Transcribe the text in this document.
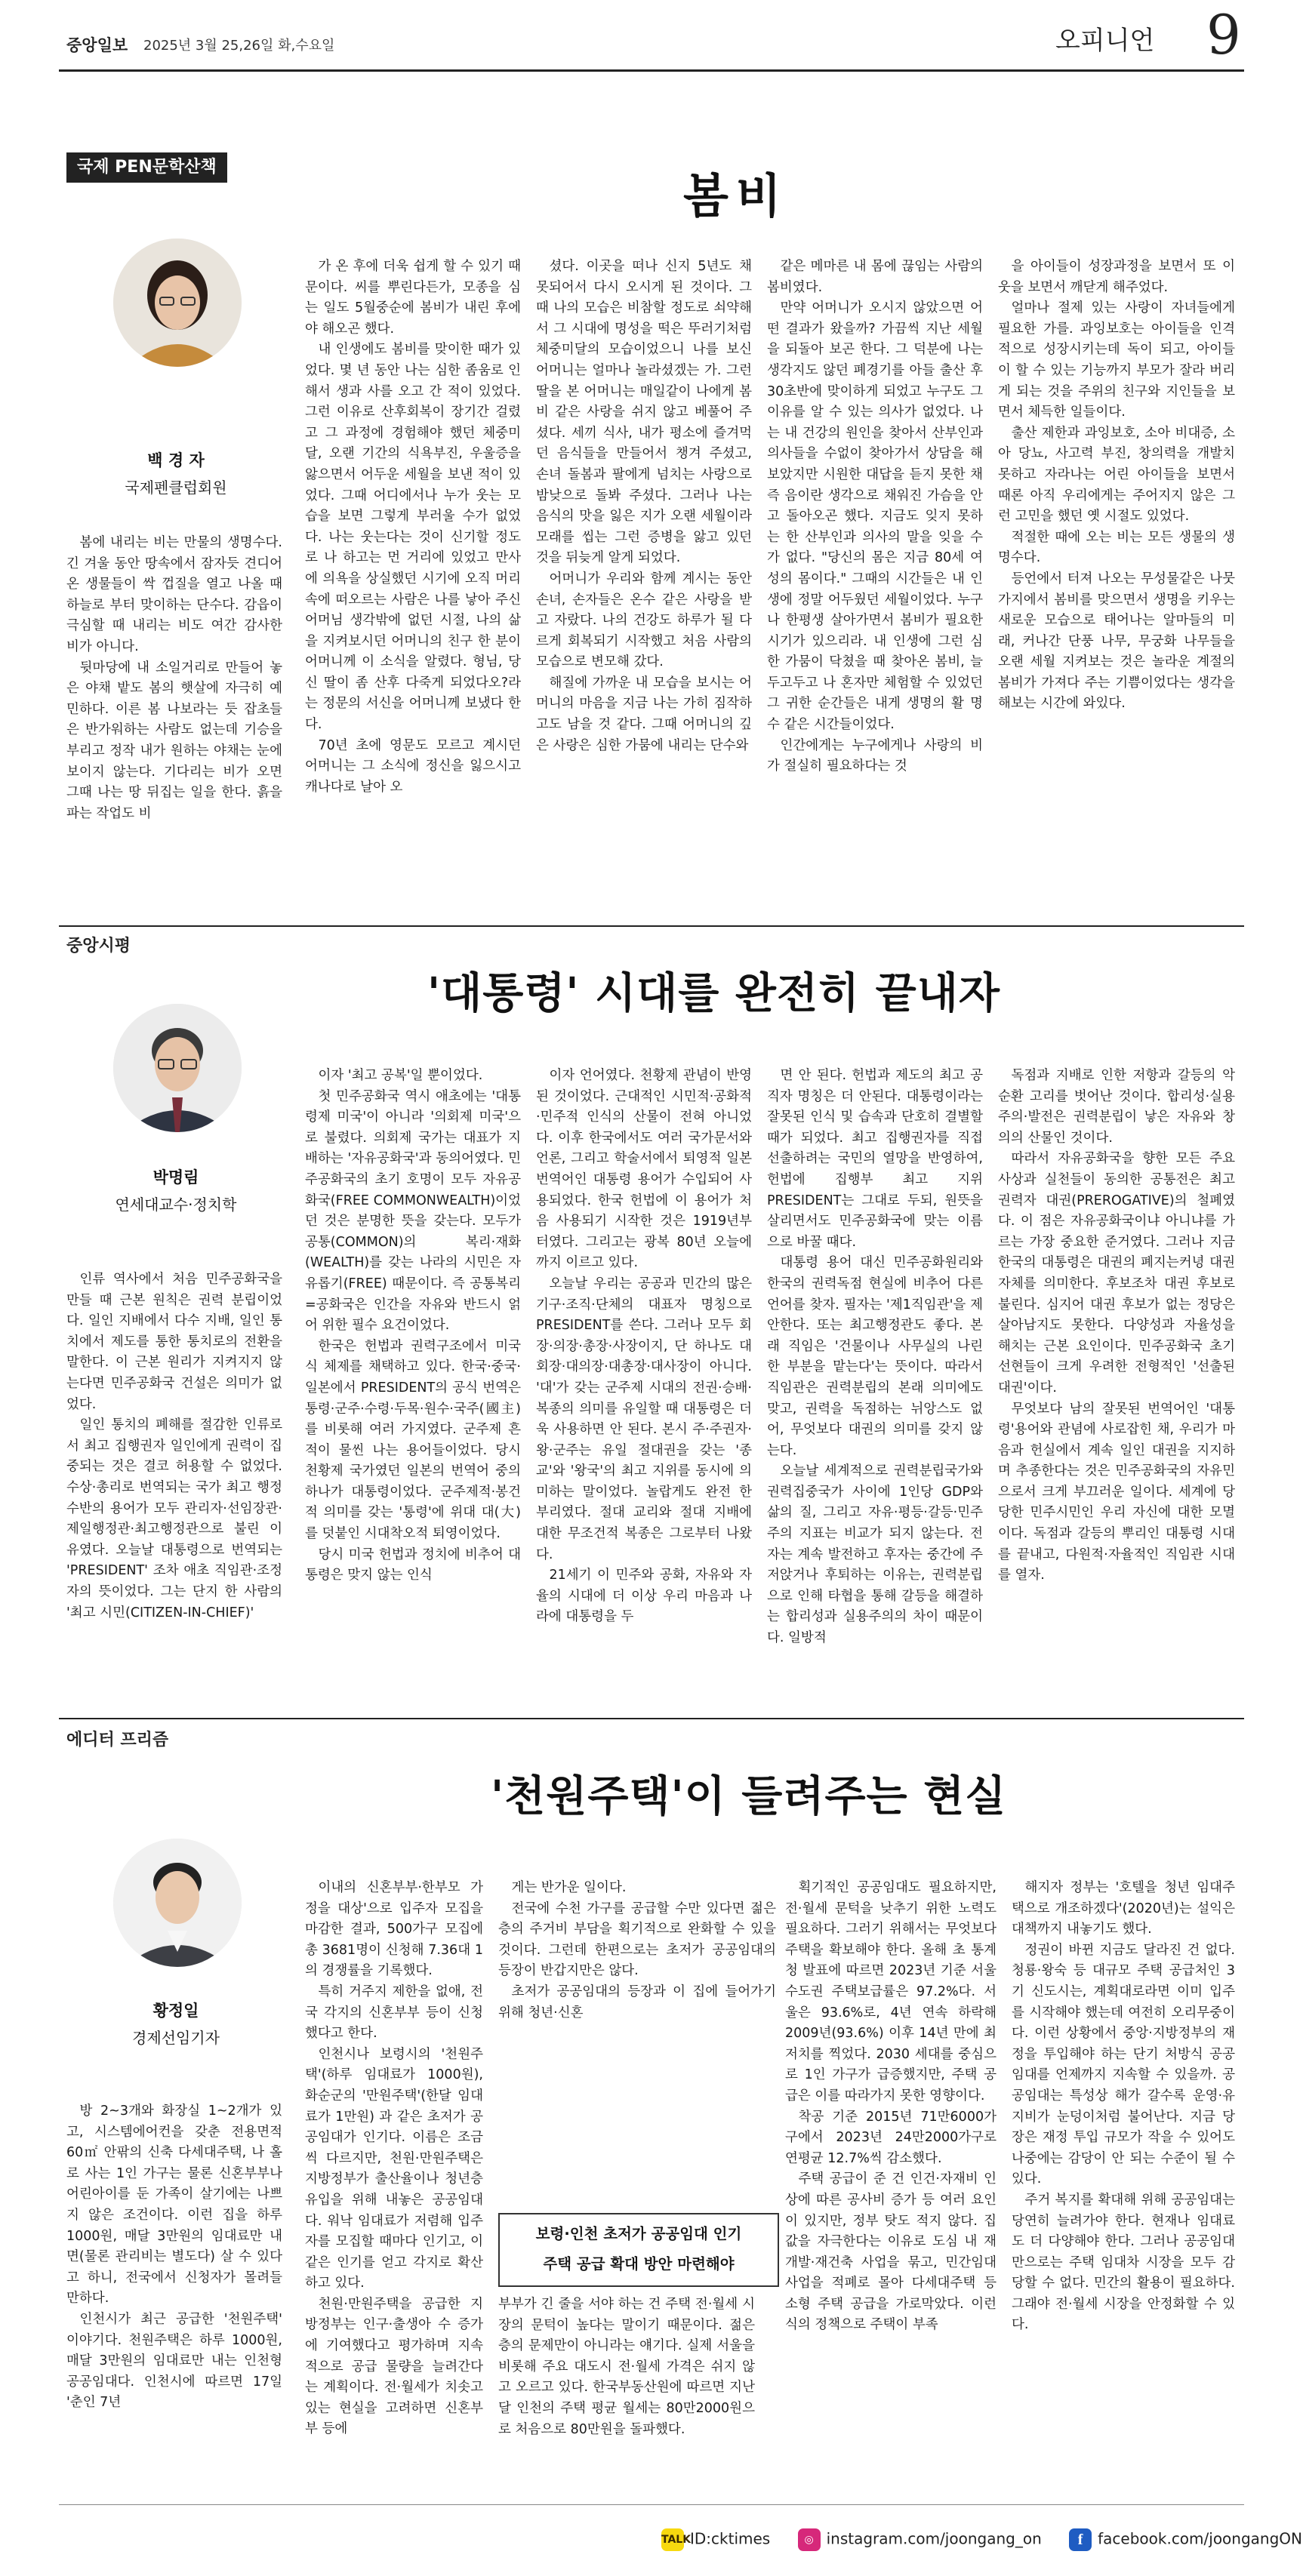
중앙일보 2025년 3월 25,26일 화,수요일	오피니언 9
국제 PEN문학산책
봄비
백 경 자
국제펜클럽회원

봄에 내리는 비는 만물의 생명수다. 긴 겨울 동안 땅속에서 잠자듯 견디어 온 생물들이 싹 껍질을 열고 나올 때 하늘로 부터 맞이하는 단수다. 감읍이 극심할 때 내리는 비도 여간 감사한 비가 아니다.

뒷마당에 내 소일거리로 만들어 놓은 야채 밭도 봄의 햇살에 자극히 예민하다. 이른 봄 나보라는 듯 잡초들은 반가워하는 사람도 없는데 기승을 부리고 정작 내가 원하는 야채는 눈에 보이지 않는다. 기다리는 비가 오면 그때 나는 땅 뒤집는 일을 한다. 흙을 파는 작업도 비

가 온 후에 더욱 쉽게 할 수 있기 때문이다. 씨를 뿌린다든가, 모종을 심는 일도 5월중순에 봄비가 내린 후에야 해오곤 했다.

내 인생에도 봄비를 맞이한 때가 있었다. 몇 년 동안 나는 심한 좀움로 인해서 생과 사를 오고 간 적이 있었다. 그런 이유로 산후회복이 장기간 걸렸고 그 과정에 경험해야 했던 체중미달, 오랜 기간의 식욕부진, 우울증을 앓으면서 어두운 세월을 보낸 적이 있었다. 그때 어디에서나 누가 웃는 모습을 보면 그렇게 부러울 수가 없었다. 나는 웃는다는 것이 신기할 정도로 나 하고는 먼 거리에 있었고 만사에 의욕을 상실했던 시기에 오직 머리속에 떠오르는 사람은 나를 낳아 주신 어머님 생각밖에 없던 시절, 나의 삶을 지켜보시던 어머니의 친구 한 분이 어머니께 이 소식을 알렸다. 형님, 당신 딸이 좀 산후 다죽게 되었다오?라는 정문의 서신을 어머니께 보냈다 한다.

70년 초에 영문도 모르고 계시던 어머니는 그 소식에 정신을 잃으시고 캐나다로 날아 오

셨다. 이곳을 떠나 신지 5년도 채 못되어서 다시 오시게 된 것이다. 그때 나의 모습은 비참할 정도로 쇠약해서 그 시대에 명성을 떡은 뚜러기처럼 체중미달의 모습이었으니 나를 보신 어머니는 얼마나 놀라셨겠는 가. 그런 딸을 본 어머니는 매일같이 나에게 봄비 같은 사랑을 쉬지 않고 베풀어 주셨다. 세끼 식사, 내가 평소에 즐겨먹던 음식들을 만들어서 챙겨 주셨고, 손녀 돌봄과 팔에게 넘치는 사랑으로 밤낮으로 돌봐 주셨다. 그러나 나는 음식의 맛을 잃은 지가 오랜 세월이라 모래를 씹는 그런 증병을 앓고 있던 것을 뒤늦게 알게 되었다.

어머니가 우리와 함께 계시는 동안 손녀, 손자들은 온수 같은 사랑을 받고 자랐다. 나의 건강도 하루가 될 다르게 회복되기 시작했고 처음 사람의 모습으로 변모해 갔다.

해질에 가까운 내 모습을 보시는 어머니의 마음을 지금 나는 가히 짐작하고도 남을 것 같다. 그때 어머니의 깊은 사랑은 심한 가뭄에 내리는 단수와

같은 메마른 내 몸에 끊임는 사람의 봄비였다.

만약 어머니가 오시지 않았으면 어떤 결과가 왔을까? 가끔씩 지난 세월을 되돌아 보곤 한다. 그 덕분에 나는 생각지도 않던 폐경기를 아들 출산 후 30초반에 맞이하게 되었고 누구도 그 이유를 알 수 있는 의사가 없었다. 나는 내 건강의 원인을 찾아서 산부인과 의사들을 수없이 찾아가서 상담을 해보았지만 시원한 대답을 듣지 못한 채 즉 음이란 생각으로 채워진 가슴을 안고 돌아오곤 했다. 지금도 잊지 못하는 한 산부인과 의사의 말을 잊을 수가 없다. "당신의 몸은 지금 80세 여성의 몸이다." 그때의 시간들은 내 인생에 정말 어두웠던 세월이었다. 누구나 한평생 살아가면서 봄비가 필요한 시기가 있으리라. 내 인생에 그런 심한 가뭄이 닥쳤을 때 찾아온 봄비, 늘 두고두고 나 혼자만 체험할 수 있었던 그 귀한 순간들은 내게 생명의 활 명수 같은 시간들이었다.

인간에게는 누구에게나 사랑의 비가 절실히 필요하다는 것

을 아이들이 성장과정을 보면서 또 이웃을 보면서 깨닫게 해주었다.

얼마나 절제 있는 사랑이 자녀들에게 필요한 가를. 과잉보호는 아이들을 인격적으로 성장시키는데 독이 되고, 아이들이 할 수 있는 기능까지 부모가 잘라 버리게 되는 것을 주위의 친구와 지인들을 보면서 체득한 일들이다.

출산 제한과 과잉보호, 소아 비대증, 소아 당뇨, 사고력 부진, 창의력을 개발치 못하고 자라나는 어린 아이들을 보면서 때론 아직 우리에게는 주어지지 않은 그런 고민을 했던 옛 시절도 있었다.

적절한 때에 오는 비는 모든 생물의 생명수다.

등언에서 터져 나오는 무성물같은 나뭇가지에서 봄비를 맞으면서 생명을 키우는 새로운 모습으로 태어나는 알마들의 미래, 커나간 단풍 나무, 무궁화 나무들을 오랜 세월 지켜보는 것은 놀라운 계절의 봄비가 가져다 주는 기쁨이었다는 생각을 해보는 시간에 와있다.

중앙시평
'대통령' 시대를 완전히 끝내자
박명림
연세대교수·정치학

인류 역사에서 처음 민주공화국을 만들 때 근본 원칙은 권력 분립이었다. 일인 지배에서 다수 지배, 일인 통치에서 제도를 통한 통치로의 전환을 말한다. 이 근본 원리가 지켜지지 않는다면 민주공화국 건설은 의미가 없었다.

일인 통치의 폐해를 절감한 인류로서 최고 집행권자 일인에게 권력이 집중되는 것은 결코 허용할 수 없었다. 수상·총리로 번역되는 국가 최고 행정수반의 용어가 모두 관리자·선임장관·제일행정관·최고행정관으로 불린 이유였다. 오늘날 대통령으로 번역되는 'PRESIDENT' 조차 애초 직임관·조정자의 뜻이었다. 그는 단지 한 사람의 '최고 시민(CITIZEN-IN-CHIEF)'

이자 '최고 공복'일 뿐이었다.

첫 민주공화국 역시 애초에는 '대통령제 미국'이 아니라 '의회제 미국'으로 불렸다. 의회제 국가는 대표가 지배하는 '자유공화국'과 동의어였다. 민주공화국의 초기 호명이 모두 자유공화국(FREE COMMONWEALTH)이었던 것은 분명한 뜻을 갖는다. 모두가 공통(COMMON)의 복리·재화(WEALTH)를 갖는 나라의 시민은 자유롭기(FREE) 때문이다. 즉 공통복리=공화국은 인간을 자유와 반드시 얽어 위한 필수 요건이었다.

한국은 헌법과 권력구조에서 미국식 체제를 채택하고 있다. 한국·중국·일본에서 PRESIDENT의 공식 번역은 통령·군주·수령·두목·원수·국주(國主)를 비롯해 여러 가지였다. 군주제 흔적이 물씬 나는 용어들이었다. 당시 천황제 국가였던 일본의 번역어 중의 하나가 대통령이었다. 군주제적·봉건적 의미를 갖는 '통령'에 위대 대(大)를 덧붙인 시대착오적 퇴영이었다.

당시 미국 헌법과 정치에 비추어 대통령은 맞지 않는 인식

이자 언어였다. 천황제 관념이 반영된 것이었다. 근대적인 시민적·공화적·민주적 인식의 산물이 전혀 아니었다. 이후 한국에서도 여러 국가문서와 언론, 그리고 학술서에서 퇴영적 일본 번역어인 대통령 용어가 수입되어 사용되었다. 한국 헌법에 이 용어가 처음 사용되기 시작한 것은 1919년부터였다. 그리고는 광복 80년 오늘에까지 이르고 있다.

오늘날 우리는 공공과 민간의 많은 기구·조직·단체의 대표자 명칭으로 PRESIDENT를 쓴다. 그러나 모두 회장·의장·총장·사장이지, 단 하나도 대회장·대의장·대총장·대사장이 아니다. '대'가 갖는 군주제 시대의 전권·승배·복종의 의미를 유일할 때 대통령은 더욱 사용하면 안 된다. 본시 주·주권자·왕·군주는 유일 절대권을 갖는 '종교'와 '왕국'의 최고 지위를 동시에 의미하는 말이었다. 놀랍게도 완전 한 부리였다. 절대 교리와 절대 지배에 대한 무조건적 복종은 그로부터 나왔다.

21세기 이 민주와 공화, 자유와 자율의 시대에 더 이상 우리 마음과 나라에 대통령을 두

면 안 된다. 헌법과 제도의 최고 공직자 명칭은 더 안된다. 대통령이라는 잘못된 인식 및 습속과 단호히 결별할 때가 되었다. 최고 집행권자를 직접 선출하려는 국민의 열망을 반영하여, 헌법에 집행부 최고 지위 PRESIDENT는 그대로 두되, 원뜻을 살리면서도 민주공화국에 맞는 이름으로 바꿀 때다.

대통령 용어 대신 민주공화원리와 한국의 권력독점 현실에 비추어 다른 언어를 찾자. 필자는 '제1직임관'을 제안한다. 또는 최고행정관도 좋다. 본래 직임은 '건물이나 사무실의 나린 한 부분을 맡는다'는 뜻이다. 따라서 직임관은 권력분립의 본래 의미에도 맞고, 권력을 독점하는 뉘앙스도 없어, 무엇보다 대권의 의미를 갖지 않는다.

오늘날 세계적으로 권력분립국가와 권력집중국가 사이에 1인당 GDP와 삶의 질, 그리고 자유·평등·갈등·민주주의 지표는 비교가 되지 않는다. 전자는 계속 발전하고 후자는 중간에 주저앉거나 후퇴하는 이유는, 권력분립으로 인해 타협을 통해 갈등을 해결하는 합리성과 실용주의의 차이 때문이다. 일방적

독점과 지배로 인한 저항과 갈등의 악순환 고리를 벗어난 것이다. 합리성·실용주의·발전은 권력분립이 낳은 자유와 창의의 산물인 것이다.

따라서 자유공화국을 향한 모든 주요 사상과 실천들이 동의한 공통전은 최고 권력자 대권(PREROGATIVE)의 철폐였다. 이 점은 자유공화국이냐 아니냐를 가르는 가장 중요한 준거였다. 그러나 지금 한국의 대통령은 대권의 폐지는커녕 대권 자체를 의미한다. 후보조차 대권 후보로 불린다. 심지어 대권 후보가 없는 정당은 살아남지도 못한다. 다양성과 자율성을 해치는 근본 요인이다. 민주공화국 초기 선현들이 크게 우려한 전형적인 '선출된 대권'이다.

무엇보다 남의 잘못된 번역어인 '대통령'용어와 관념에 사로잡힌 채, 우리가 마음과 헌실에서 계속 일인 대권을 지지하며 추종한다는 것은 민주공화국의 자유민으로서 크게 부끄러운 일이다. 세계에 당당한 민주시민인 우리 자신에 대한 모멸이다. 독점과 갈등의 뿌리인 대통령 시대를 끝내고, 다원적·자율적인 직임관 시대를 열자.

에디터 프리즘
'천원주택'이 들려주는 현실
황정일
경제선임기자

방 2~3개와 화장실 1~2개가 있고, 시스템에어컨을 갖춘 전용면적 60㎡ 안팎의 신축 다세대주택, 나 홀로 사는 1인 가구는 물론 신혼부부나 어린아이를 둔 가족이 살기에는 나쁘지 않은 조건이다. 이런 집을 하루 1000원, 매달 3만원의 임대료만 내면(물론 관리비는 별도다) 살 수 있다고 하니, 전국에서 신청자가 몰려들 만하다.

인천시가 최근 공급한 '천원주택' 이야기다. 천원주택은 하루 1000원, 매달 3만원의 임대료만 내는 인천형 공공임대다. 인천시에 따르면 17일 '춘인 7년

이내의 신혼부부·한부모 가정을 대상'으로 입주자 모집을 마감한 결과, 500가구 모집에 총 3681명이 신청해 7.36대 1의 경쟁률을 기록했다.

특히 거주지 제한을 없애, 전국 각지의 신혼부부 등이 신청했다고 한다.

인천시나 보령시의 '천원주택'(하루 임대료가 1000원), 화순군의 '만원주택'(한달 임대료가 1만원) 과 같은 초저가 공공임대가 인기다. 이름은 조금씩 다르지만, 천원·만원주택은 지방정부가 출산율이나 청년층 유입을 위해 내놓은 공공임대다. 워낙 임대료가 저렴해 입주자를 모집할 때마다 인기고, 이 같은 인기를 얻고 각지로 확산하고 있다.

천원·만원주택을 공급한 지방정부는 인구·출생아 수 증가에 기여했다고 평가하며 지속적으로 공급 물량을 늘려간다는 계획이다. 전·월세가 치솟고 있는 현실을 고려하면 신혼부부 등에

게는 반가운 일이다.

전국에 수천 가구를 공급할 수만 있다면 젊은 층의 주거비 부담을 획기적으로 완화할 수 있을 것이다. 그런데 한편으로는 초저가 공공임대의 등장이 반갑지만은 않다.

초저가 공공임대의 등장과 이 집에 들어가기 위해 청년·신혼

보령·인천 초저가 공공임대 인기
주택 공급 확대 방안 마련해야

부부가 긴 줄을 서야 하는 건 주택 전·월세 시장의 문턱이 높다는 말이기 때문이다. 젊은 층의 문제만이 아니라는 얘기다. 실제 서울을 비롯해 주요 대도시 전·월세 가격은 쉬지 않고 오르고 있다. 한국부동산원에 따르면 지난달 인천의 주택 평균 월세는 80만2000원으로 처음으로 80만원을 돌파했다.

획기적인 공공임대도 필요하지만, 전·월세 문턱을 낮추기 위한 노력도 필요하다. 그러기 위해서는 무엇보다 주택을 확보해야 한다. 올해 초 통계청 발표에 따르면 2023년 기준 서울 수도권 주택보급률은 97.2%다. 서울은 93.6%로, 4년 연속 하락해 2009년(93.6%) 이후 14년 만에 최저치를 찍었다. 2030 세대를 중심으로 1인 가구가 급증했지만, 주택 공급은 이를 따라가지 못한 영향이다.

착공 기준 2015년 71만6000가구에서 2023년 24만2000가구로 연평균 12.7%씩 감소했다.

주택 공급이 준 건 인건·자재비 인상에 따른 공사비 증가 등 여러 요인이 있지만, 정부 탓도 적지 않다. 집값을 자극한다는 이유로 도심 내 재개발·재건축 사업을 묶고, 민간임대사업을 적폐로 몰아 다세대주택 등 소형 주택 공급을 가로막았다. 이런 식의 정책으로 주택이 부족

해지자 정부는 '호텔을 청년 임대주택으로 개조하겠다'(2020년)는 설익은 대책까지 내놓기도 했다.

정권이 바뀐 지금도 달라진 건 없다. 청룡·왕숙 등 대규모 주택 공급처인 3기 신도시는, 계획대로라면 이미 입주를 시작해야 했는데 여전히 오리무중이다. 이런 상황에서 중앙·지방정부의 재정을 투입해야 하는 단기 처방식 공공임대를 언제까지 지속할 수 있을까. 공공임대는 특성상 해가 갈수록 운영·유지비가 눈덩이처럼 불어난다. 지금 당장은 재정 투입 규모가 작을 수 있어도 나중에는 감당이 안 되는 수준이 될 수 있다.

주거 복지를 확대해 위해 공공임대는 당연히 늘려가야 한다. 현재나 임대료도 더 다양해야 한다. 그러나 공공임대만으로는 주택 임대차 시장을 모두 감당할 수 없다. 민간의 활용이 필요하다. 그래야 전·월세 시장을 안정화할 수 있다.

TALKID:cktimes	◎ instagram.com/joongang_on f facebook.com/joongangON
